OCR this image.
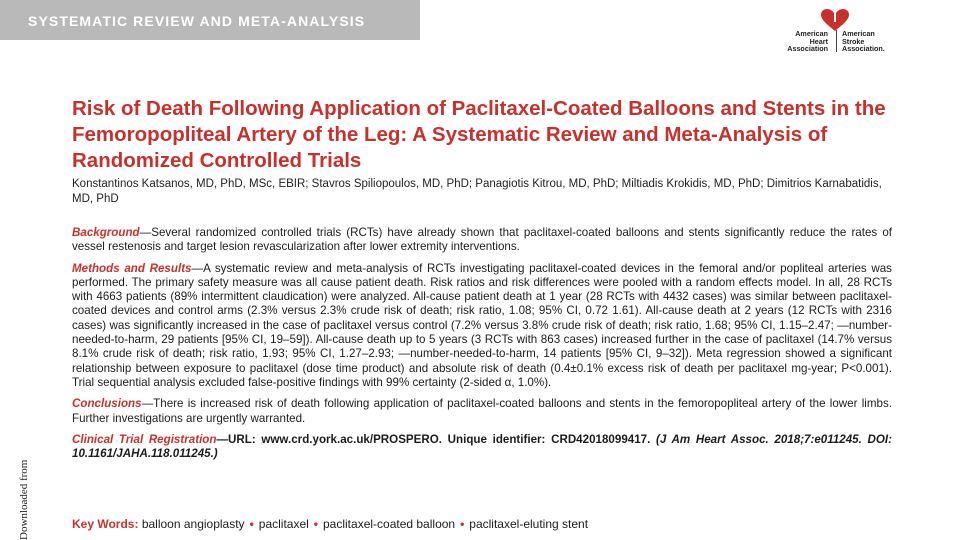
SYSTEMATIC REVIEW AND META-ANALYSIS
American
Heart
Association
American
Stroke
Association.
Downloaded from
Risk of Death Following Application of Paclitaxel-Coated Balloons and Stents in the Femoropopliteal Artery of the Leg: A Systematic Review and Meta-Analysis of Randomized Controlled Trials

Konstantinos Katsanos, MD, PhD, MSc, EBIR; Stavros Spiliopoulos, MD, PhD; Panagiotis Kitrou, MD, PhD; Miltiadis Krokidis, MD, PhD; Dimitrios Karnabatidis, MD, PhD

Background—Several randomized controlled trials (RCTs) have already shown that paclitaxel-coated balloons and stents significantly reduce the rates of vessel restenosis and target lesion revascularization after lower extremity interventions.

Methods and Results—A systematic review and meta-analysis of RCTs investigating paclitaxel-coated devices in the femoral and/or popliteal arteries was performed. The primary safety measure was all cause patient death. Risk ratios and risk differences were pooled with a random effects model. In all, 28 RCTs with 4663 patients (89% intermittent claudication) were analyzed. All-cause patient death at 1 year (28 RCTs with 4432 cases) was similar between paclitaxel-coated devices and control arms (2.3% versus 2.3% crude risk of death; risk ratio, 1.08; 95% CI, 0.72 1.61). All-cause death at 2 years (12 RCTs with 2316 cases) was significantly increased in the case of paclitaxel versus control (7.2% versus 3.8% crude risk of death; risk ratio, 1.68; 95% CI, 1.15–2.47; —number-needed-to-harm, 29 patients [95% CI, 19–59]). All-cause death up to 5 years (3 RCTs with 863 cases) increased further in the case of paclitaxel (14.7% versus 8.1% crude risk of death; risk ratio, 1.93; 95% CI, 1.27–2.93; —number-needed-to-harm, 14 patients [95% CI, 9–32]). Meta regression showed a significant relationship between exposure to paclitaxel (dose time product) and absolute risk of death (0.4±0.1% excess risk of death per paclitaxel mg-year; P<0.001). Trial sequential analysis excluded false-positive findings with 99% certainty (2-sided α, 1.0%).

Conclusions—There is increased risk of death following application of paclitaxel-coated balloons and stents in the femoropopliteal artery of the lower limbs. Further investigations are urgently warranted.

Clinical Trial Registration—URL: www.crd.york.ac.uk/PROSPERO. Unique identifier: CRD42018099417. (J Am Heart Assoc. 2018;7:e011245. DOI: 10.1161/JAHA.118.011245.)

Key Words: balloon angioplasty • paclitaxel • paclitaxel-coated balloon • paclitaxel-eluting stent
